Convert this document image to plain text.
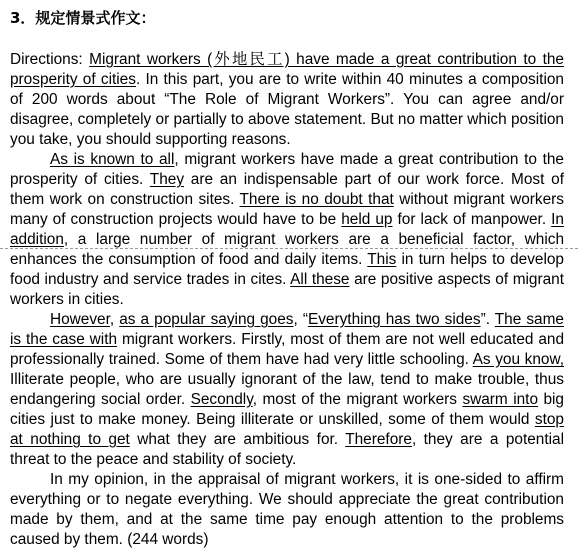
3．规定情景式作文：

Directions: Migrant workers (外地民工) have made a great contribution to the prosperity of cities. In this part, you are to write within 40 minutes a composition of 200 words about “The Role of Migrant Workers”. You can agree and/or disagree, completely or partially to above statement. But no matter which position you take, you should supporting reasons.

As is known to all, migrant workers have made a great contribution to the prosperity of cities. They are an indispensable part of our work force. Most of them work on construction sites. There is no doubt that without migrant workers many of construction projects would have to be held up for lack of manpower. In addition, a large number of migrant workers are a beneficial factor, which enhances the consumption of food and daily items. This in turn helps to develop food industry and service trades in cites. All these are positive aspects of migrant workers in cities.

However, as a popular saying goes, “Everything has two sides”. The same is the case with migrant workers. Firstly, most of them are not well educated and professionally trained. Some of them have had very little schooling. As you know, Illiterate people, who are usually ignorant of the law, tend to make trouble, thus endangering social order. Secondly, most of the migrant workers swarm into big cities just to make money. Being illiterate or unskilled, some of them would stop at nothing to get what they are ambitious for. Therefore, they are a potential threat to the peace and stability of society.

In my opinion, in the appraisal of migrant workers, it is one-sided to affirm everything or to negate everything. We should appreciate the great contribution made by them, and at the same time pay enough attention to the problems caused by them. (244 words)
